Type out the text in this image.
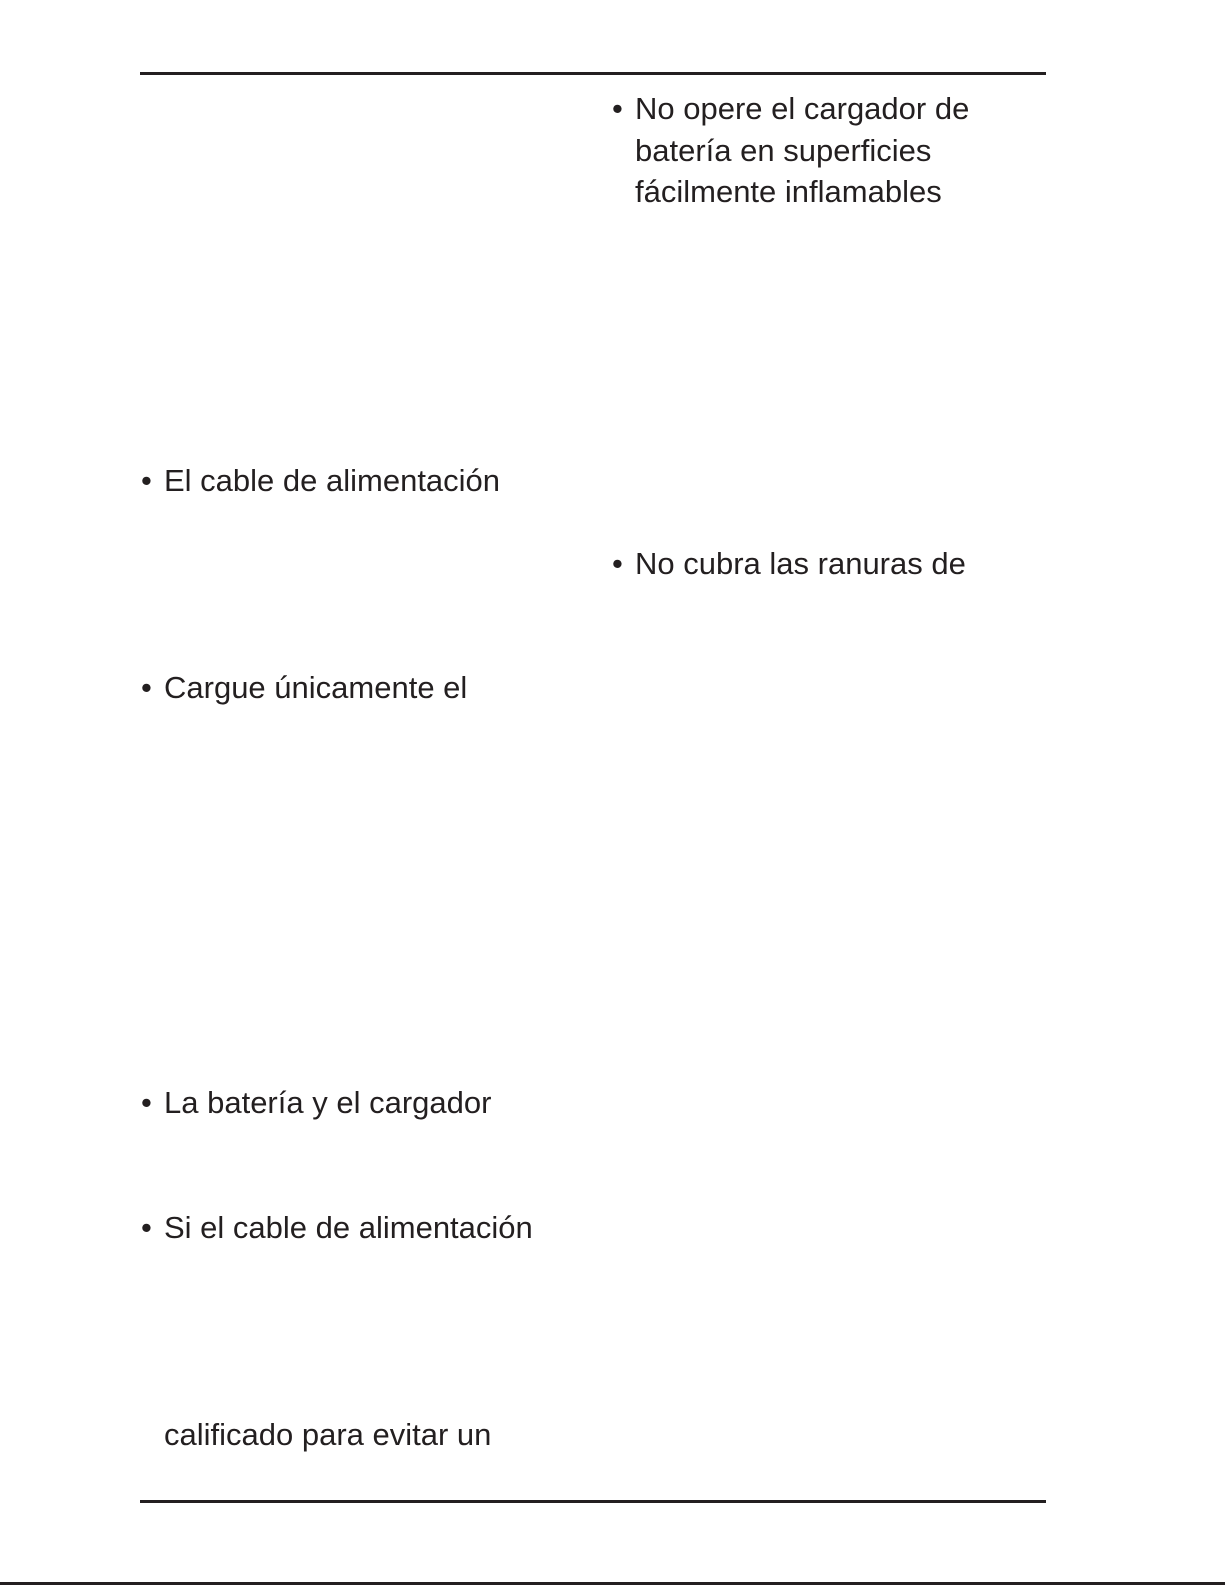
• No opere el cargador de
batería en superficies
fácilmente inflamables
• El cable de alimentación
• No cubra las ranuras de
• Cargue únicamente el
• La batería y el cargador
• Si el cable de alimentación
calificado para evitar un
